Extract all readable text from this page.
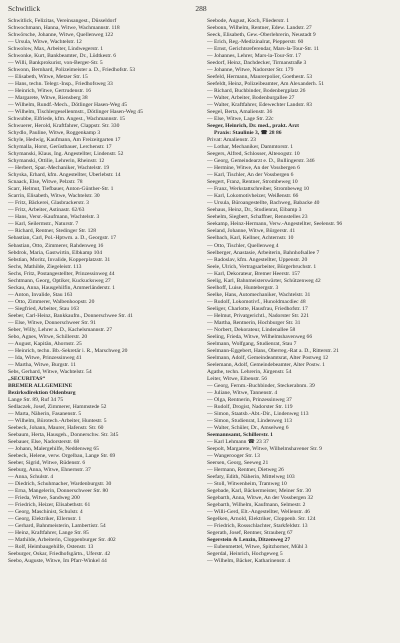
Schwitlick	288
Schwitlick, Felizitas, Vereinsangest., Düsseldorf
Schwochmann, Hanna, Witwe, Wachmannstr. 118
Schwörsche, Johanne, Witwe, Quellenweg 122
— Ursula, Witwe, Wachtelstr. 12
Schwolow, Max, Arbeiter, Lindwegerstr. 1
Schwonke, Kurt, Bankbeamter, Dr., Lüdtkestr. 6
— Willi, Bankprokurist, von-Berger-Str. 5
Schwonn, Bernhard, Polizeimeister a. D., Friedhofstr. 53
— Elisabeth, Witwe, Metzer Str. 15
— Hans, techn. Telegr.-Insp., Friedhofsweg 33
— Heinrich, Witwe, Gertrudenstr. 16
— Margarete, Witwe, Riensberg 38
— Wilhelm, Rundf.-Mech., Dötlinger Hasen-Weg 45
— Wilhelm, Tischlergesellenmstr., Dötlinger Hasen-Weg 45
Schwubbe, Elfriede, kfm. Angest., Wachmannstr. 15
Schwuerer, Herold, Kraftfahrer, Clappstr. Str. 330
Schydlo, Pauline, Witwe, Roggenkamp 3
Schyle, Hedwig, Kaufmann, Am Freizeitgarten 17
Schymalla, Horst, Gerüstbauer, Lerchenstr. 17
Schymanski, Klaus, Ing. Angestellter, Lindenstr. 52
Schymanski, Ottilie, Lehrerin, Rheinstr. 12
— Herbert, Spar.-Mechaniker, Wachtelstr. 19
Schyska, Erhard, kfm. Angestellter, Überlebstr. 14
Scnaack, Else, Witwe, Pelzstr. 78
Scarr, Helmut, Tiefbauer, Anton-Günther-Str. 1
Scarrin, Elisabeth, Witwe, Wachtelstr. 30
— Fritz, Bäckerei, Glasbrackerstr. 3
— Fritz, Arbeiter, Astinastr. 62/63
— Hans, Versr.-Kaufmann, Wachtelstr. 3
— Karl, Seilermstr., Naturstr. 7
— Richard, Rentner, Stedinger Str. 128
Sebastian, Carl, Pol.-Hptwm. a. D., Georgstr. 17
Sebastian, Otto, Zimmerer, Rahdenweg 16
Sebdrok, Maria, Gastwirtin, Elbkamp 104
Sebstian, Moritz, Invalide, Kopperplatzstr. 31
Sechs, Mathilde, Ziegeleistr. 113
Sechs, Fritz, Postangestellter, Prinzessinweg 44
Sechtmann, Georg, Optiker, Kuckucksweg 27
Seckau, Anna, Hausgehilfin, Ammerländerstr. 1
— Anton, Invalide, Stau 163
— Otto, Zimmerer, Walbenhoopstr. 20
— Siegfried, Arbeiter, Stau 163
Seeber, Carl-Heinz, Bankkaufm., Donnerschwee Str. 41
— Else, Witwe, Donnerschweer Str. 91
Seber, Willy, Lehrer a. D., Kachelsmannstr. 27
Sebo, Agnes, Witwe, Schillerstr. 20
— August, Kapitän, Ahornstr. 25
— Heinrich, techn. Bb.-Sekretär i. R., Marschweg 20
— Ida, Witwe, Prinzessinweg 41
— Martha, Witwe, Burgstr. 11
Sebs, Gerhard, Witwe, Wachtelstr. 54
„SECURITAS“
BREMER ALLGEMEINE
Bezirksdirektion Oldenburg
Lange Str. 89, Ruf 34 75
Sedlaczek, Josef, Zimmerer, Hammstede 52
— Marta, Näherin, Fasanenstr. 5
— Wilhelm, Bürotech.-Arbeiter, Huntestr. 5
Seebeck, Johann, Maurer, Hafenstr. Str. 60
Seebaum, Herta, Hausgeh., Donnerschw. Str. 345
Seebauer, Else, Nadorsterstr. 68
— Johann, Malergehilfe, Neddenweg 65
Seebeck, Helene, verw. Orgelbau, Lange Str. 69
Seeber, Sigrid, Witwe, Rüdenstr. 6
Seeburg, Anna, Witwe, Ehnernstr. 37
— Anna, Schulstr. 4
— Diedrich, Schuhmacher, Wardenburgstr. 30
— Erna, Mangelerin, Donnerschweer Str. 80
— Frieda, Witwe, Sandweg 200
— Friedrich, Heizer, Elisabethstr. 61
— Georg, Maschinist, Schulstr. 4
— Georg, Elektriker, Ellernstr. 1
— Gerhard, Bahnmeisterin, Lambertistr. 54
— Heinz, Kraftfahrer, Lange Str. 85
— Mathilde, Arbeiterin, Cloppenburger Str. 402
— Rolf, Heimbaugehilfe, Ostenstr. 13
Seeburger, Oskar, Friedhofsgärtn., Üferstr. 42
Seebo, Auguste, Witwe, Im Pfarr-Winkel 44
Seebode, August, Koch, Fliederstr. 1
Seebonn, Wilhelm, Rentner, Edew. Landstr. 27
Seeck, Elisabeth, Gew.-Oberlehrerin, Neustadt 9
— Erich, Reg.-Medizinalrat, Piepperstr. 60
— Ernst, Gerichtsreferendar, Mars-la-Tour-Str. 11
— Johannes, Lehrer, Mars-la-Tour-Str. 17
Seedorf, Heinz, Dachdecker, Tirmanstraße 3
— Johanne, Witwe, Nadorster Str. 179
Seefeld, Hermann, Maurerpolier, Goethestr. 53
Seefeldt, Heinz, Polizeibeamter, Am Alexanderh. 51
— Richard, Buchbinder, Bodenbergplatz 26
— Walter, Arbeiter, Bodenburgallee 27
— Walter, Kraftfahrer, Edewechter Landstr. 83
Seegel, Berta, Amalienstr. 36
— Else, Witwe, Lage Str. 22c
Seeger, Heinrich, Dr. med., prakt. Arzt
Praxis: Staulinie 3, ☎ 28 86
Privat: Amalienstr. 23
— Lothar, Mechaniker, Dammtorstr. 1
Seegers, Alfred, Schlosser, Alteoogstr. 10
— Georg, Gemeindearzt e. D., Bullingerstr. 346
— Hermine, Witwe, An der Vossbergen 6
— Karl, Tischler, An der Vossbergen 6
Seegert, Franz, Rentner, Strombeweg 10
— Franz, Werkstattschreiber, Strombeweg 10
— Karl, Lokomotivheizer, Weißenstr. 66
— Ursula, Büroangestellte, Bachweg, Babacke 40
Seehaus, Heinz, Dr., Studienrat, Eibamp 3
Seehelm, Siegbert, Schaffner, Rennstelles 23
Seekamp, Heinz-Hermann, Verw.-Angestellter, Seelenstr. 96
Seeland, Johanne, Witwe, Bürgerstr. 41
Seelbach, Karl, Kellner, Achternstr. 10
— Otto, Tischler, Quellenweg 4
Seelberger, Anastasie, Arbeiterin, Bahnhofsallee 7
— Radoslav, kfm. Angestellter, Uppenstr. 20
Seele, Ulrich, Vertragsarbeiter, Bürgerbruchstr. 1
— Karl, Dekorateur, Bremer Heerstr. 157
Seelig, Karl, Bahnmeisterswärter, Schützenweg 42
Seelhoff, Luise, Huntebergstr. 3
Seelke, Hans, Automechaniker, Wachtelstr. 31
— Rudolf, Lokomotivf., Hunoldmacdiec 48
Seeliger, Charlotte, Hausfrau, Friedhofstr. 17
— Helmut, Privatgerichtl., Nadorster Str. 221
— Martha, Rentnerin, Hochburger Str. 31
— Norbert, Dekorateur, Lindenallee 58
Seeling, Frieda, Witwe, Wilhelmshavenweg 66
Seelmann, Wolfgang, Studienrat, Stau 7
Seelmann-Eggebert, Hans, Oberreg.-Rat a. D., Ritterstr. 21
Seelmann, Adolf, Gemeindeamtsrat, Alter Postweg 12
Seelemann, Adolf, Gemeindebeamter, Alter Postw. 1
Agathe, techn. Lehrerin, Jürgenstr. 54
Leiter, Witwe, Eibenstr. 56
— Georg, Fernm.-Buchbinder, Steckerabnm. 39
— Juliane, Witwe, Tannenstr. 4
— Olga, Rentnerin, Prinzessinweg 37
— Rudolf, Drogist, Nadorster Str. 119
— Simon, Staatsb.-Abt.-Dir., Lindenweg 113
— Simon, Studienrat, Lindenweg 113
— Walter, Schüler, Dr., Amselweg 6
Seemannsamt, Schillerstr. 1
— Karl Lehmann ☎ 23 37
Seepolt, Margarete, Witwe, Wilhelmshavener Str. 9
— Wangerooger Str. 13
Seersen, Georg, Seeweg 21
— Hermann, Rentner, Dietweg 26
Seefaty, Edith, Näherin, Mittelweg 103
— Stoll, Witwenheim, Tramweg 10
Segebade, Karl, Bäckermeister, Meiner Str. 30
Segebarth, Anna, Witwe, An der Vossbergen 32
Segebarth, Wilhelm, Kaufmann, Selmestr. 2
— Willi-Gerd, Elt.-Angestellter, Wellenstr. 46
Segelken, Arnold, Elektriker, Cloppenb. Str. 124
— Friedrich, Rossschlachter, Starkfeldstr. 13
Segerath, Josef, Rentner, Strauberg 67
Segerstein & Lenzin, Ditzenweg 27
— Eubenmettel, Witwe, Spitzhorner, Mühl 3
Segerdal, Heinrich, Hochgeweg 5
— Wilhelm, Bäcker, Katharinenstr. 4
